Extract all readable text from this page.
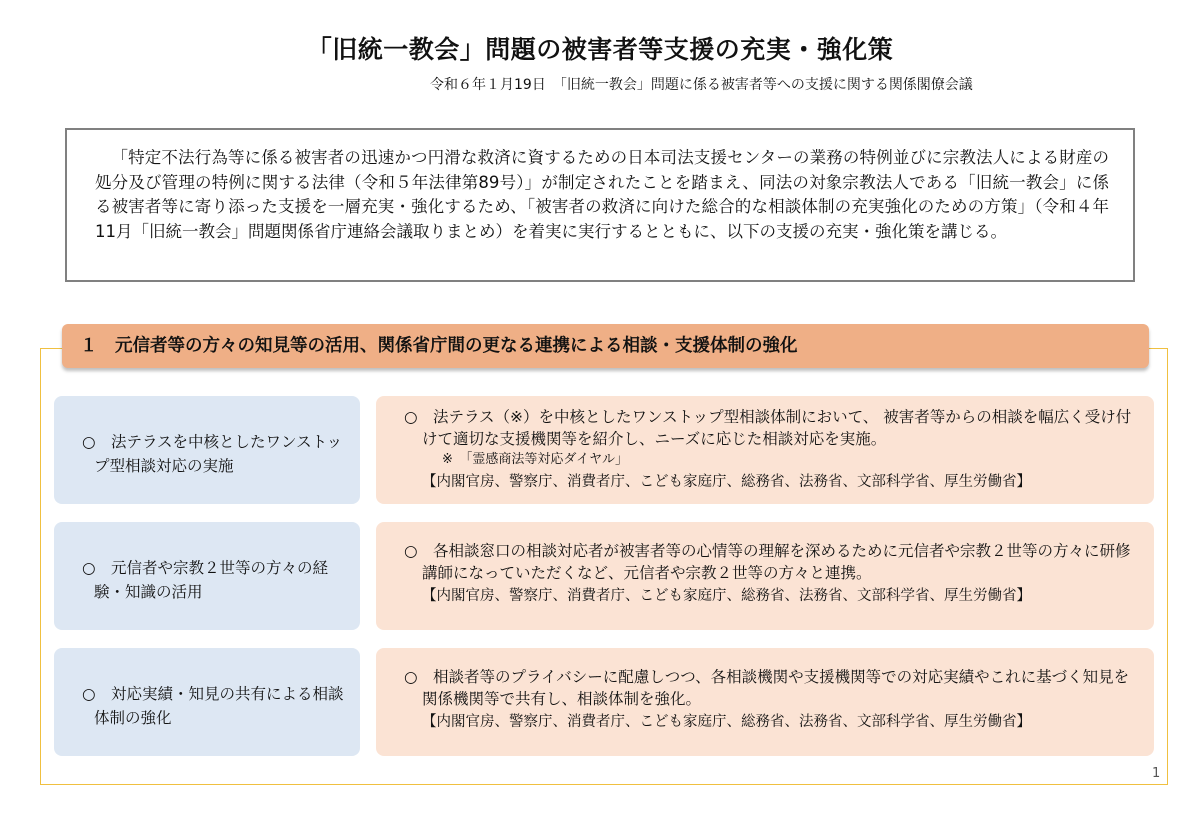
「旧統一教会」問題の被害者等支援の充実・強化策
令和６年１月19日　「旧統一教会」問題に係る被害者等への支援に関する関係閣僚会議
「特定不法行為等に係る被害者の迅速かつ円滑な救済に資するための日本司法支援センターの業務の特例並びに宗教法人による財産の処分及び管理の特例に関する法律（令和５年法律第89号）」が制定されたことを踏まえ、同法の対象宗教法人である「旧統一教会」に係る被害者等に寄り添った支援を一層充実・強化するため、「被害者の救済に向けた総合的な相談体制の充実強化のための方策」（令和４年11月「旧統一教会」問題関係省庁連絡会議取りまとめ）を着実に実行するとともに、以下の支援の充実・強化策を講じる。
１　元信者等の方々の知見等の活用、関係省庁間の更なる連携による相談・支援体制の強化
○　法テラスを中核としたワンストップ型相談対応の実施
○　法テラス（※）を中核としたワンストップ型相談体制において、 被害者等からの相談を幅広く受け付けて適切な支援機関等を紹介し、ニーズに応じた相談対応を実施。
※　「霊感商法等対応ダイヤル」
【内閣官房、警察庁、消費者庁、こども家庭庁、総務省、法務省、文部科学省、厚生労働省】
○　元信者や宗教２世等の方々の経験・知識の活用
○　各相談窓口の相談対応者が被害者等の心情等の理解を深めるために元信者や宗教２世等の方々に研修講師になっていただくなど、元信者や宗教２世等の方々と連携。
【内閣官房、警察庁、消費者庁、こども家庭庁、総務省、法務省、文部科学省、厚生労働省】
○　対応実績・知見の共有による相談体制の強化
○　相談者等のプライバシーに配慮しつつ、各相談機関や支援機関等での対応実績やこれに基づく知見を関係機関等で共有し、相談体制を強化。
【内閣官房、警察庁、消費者庁、こども家庭庁、総務省、法務省、文部科学省、厚生労働省】
1
